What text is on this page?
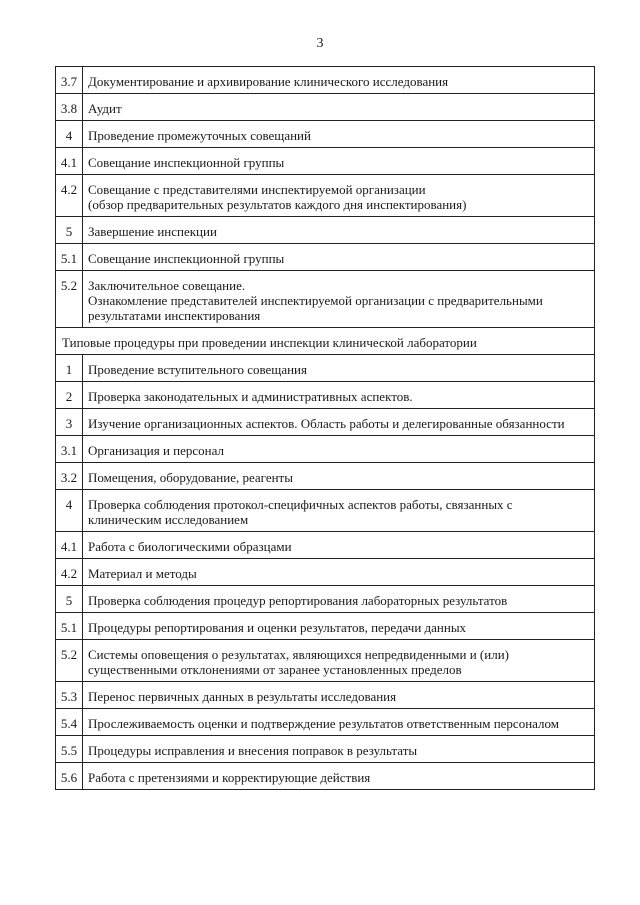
3
3.7	Документирование и архивирование клинического исследования

3.8	Аудит

4	Проведение промежуточных совещаний

4.1	Совещание инспекционной группы

4.2	Совещание с представителями инспектируемой организации
(обзор предварительных результатов каждого дня инспектирования)

5	Завершение инспекции

5.1	Совещание инспекционной группы

5.2	Заключительное совещание.
Ознакомление представителей инспектируемой организации с предварительными результатами инспектирования

Типовые процедуры при проведении инспекции клинической лаборатории	
1	Проведение вступительного совещания

2	Проверка законодательных и административных аспектов.

3	Изучение организационных аспектов. Область работы и делегированные обязанности

3.1	Организация и персонал

3.2	Помещения, оборудование, реагенты

4	Проверка соблюдения протокол-специфичных аспектов работы, связанных с клиническим исследованием

4.1	Работа с биологическими образцами

4.2	Материал и методы

5	Проверка соблюдения процедур репортирования лабораторных результатов

5.1	Процедуры репортирования и оценки результатов, передачи данных

5.2	Системы оповещения о результатах, являющихся непредвиденными и (или) существенными отклонениями от заранее установленных пределов

5.3	Перенос первичных данных в результаты исследования

5.4	Прослеживаемость оценки и подтверждение результатов ответственным персоналом

5.5	Процедуры исправления и внесения поправок в результаты

5.6	Работа с претензиями и корректирующие действия
